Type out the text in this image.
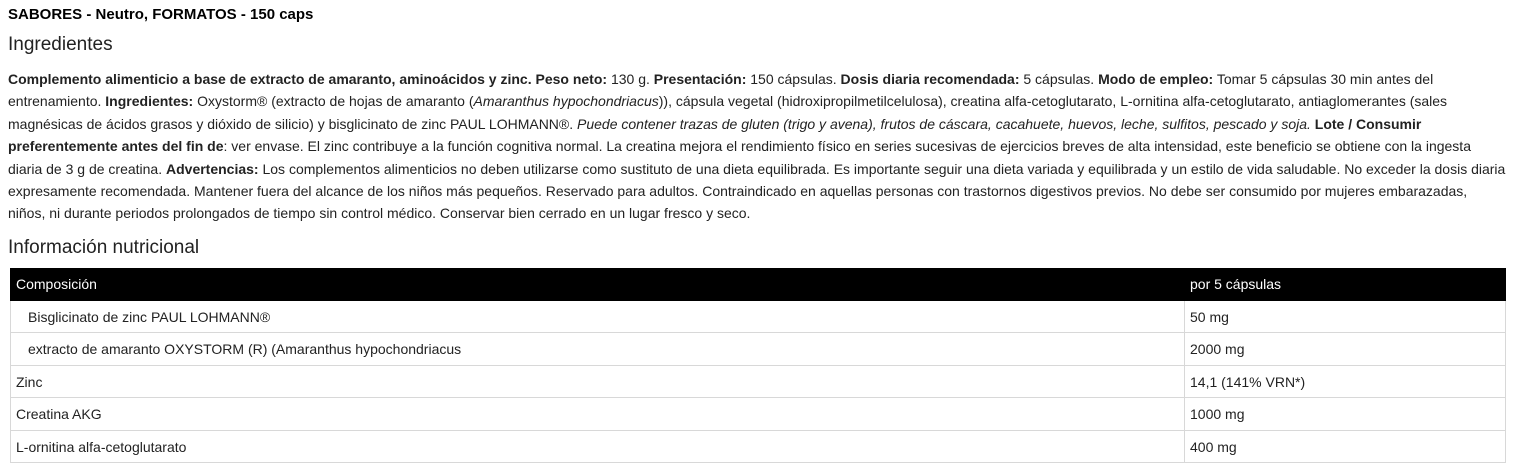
SABORES - Neutro, FORMATOS - 150 caps
Ingredientes
Complemento alimenticio a base de extracto de amaranto, aminoácidos y zinc. Peso neto: 130 g. Presentación: 150 cápsulas. Dosis diaria recomendada: 5 cápsulas. Modo de empleo: Tomar 5 cápsulas 30 min antes del entrenamiento. Ingredientes: Oxystorm® (extracto de hojas de amaranto (Amaranthus hypochondriacus)), cápsula vegetal (hidroxipropilmetilcelulosa), creatina alfa-cetoglutarato, L-ornitina alfa-cetoglutarato, antiaglomerantes (sales magnésicas de ácidos grasos y dióxido de silicio) y bisglicinato de zinc PAUL LOHMANN®. Puede contener trazas de gluten (trigo y avena), frutos de cáscara, cacahuete, huevos, leche, sulfitos, pescado y soja. Lote / Consumir preferentemente antes del fin de: ver envase. El zinc contribuye a la función cognitiva normal. La creatina mejora el rendimiento físico en series sucesivas de ejercicios breves de alta intensidad, este beneficio se obtiene con la ingesta diaria de 3 g de creatina. Advertencias: Los complementos alimenticios no deben utilizarse como sustituto de una dieta equilibrada. Es importante seguir una dieta variada y equilibrada y un estilo de vida saludable. No exceder la dosis diaria expresamente recomendada. Mantener fuera del alcance de los niños más pequeños. Reservado para adultos. Contraindicado en aquellas personas con trastornos digestivos previos. No debe ser consumido por mujeres embarazadas, niños, ni durante periodos prolongados de tiempo sin control médico. Conservar bien cerrado en un lugar fresco y seco.
Información nutricional
Composición	por 5 cápsulas
Bisglicinato de zinc PAUL LOHMANN®	50 mg
extracto de amaranto OXYSTORM (R) (Amaranthus hypochondriacus	2000 mg
Zinc	14,1 (141% VRN*)
Creatina AKG	1000 mg
L-ornitina alfa-cetoglutarato	400 mg
